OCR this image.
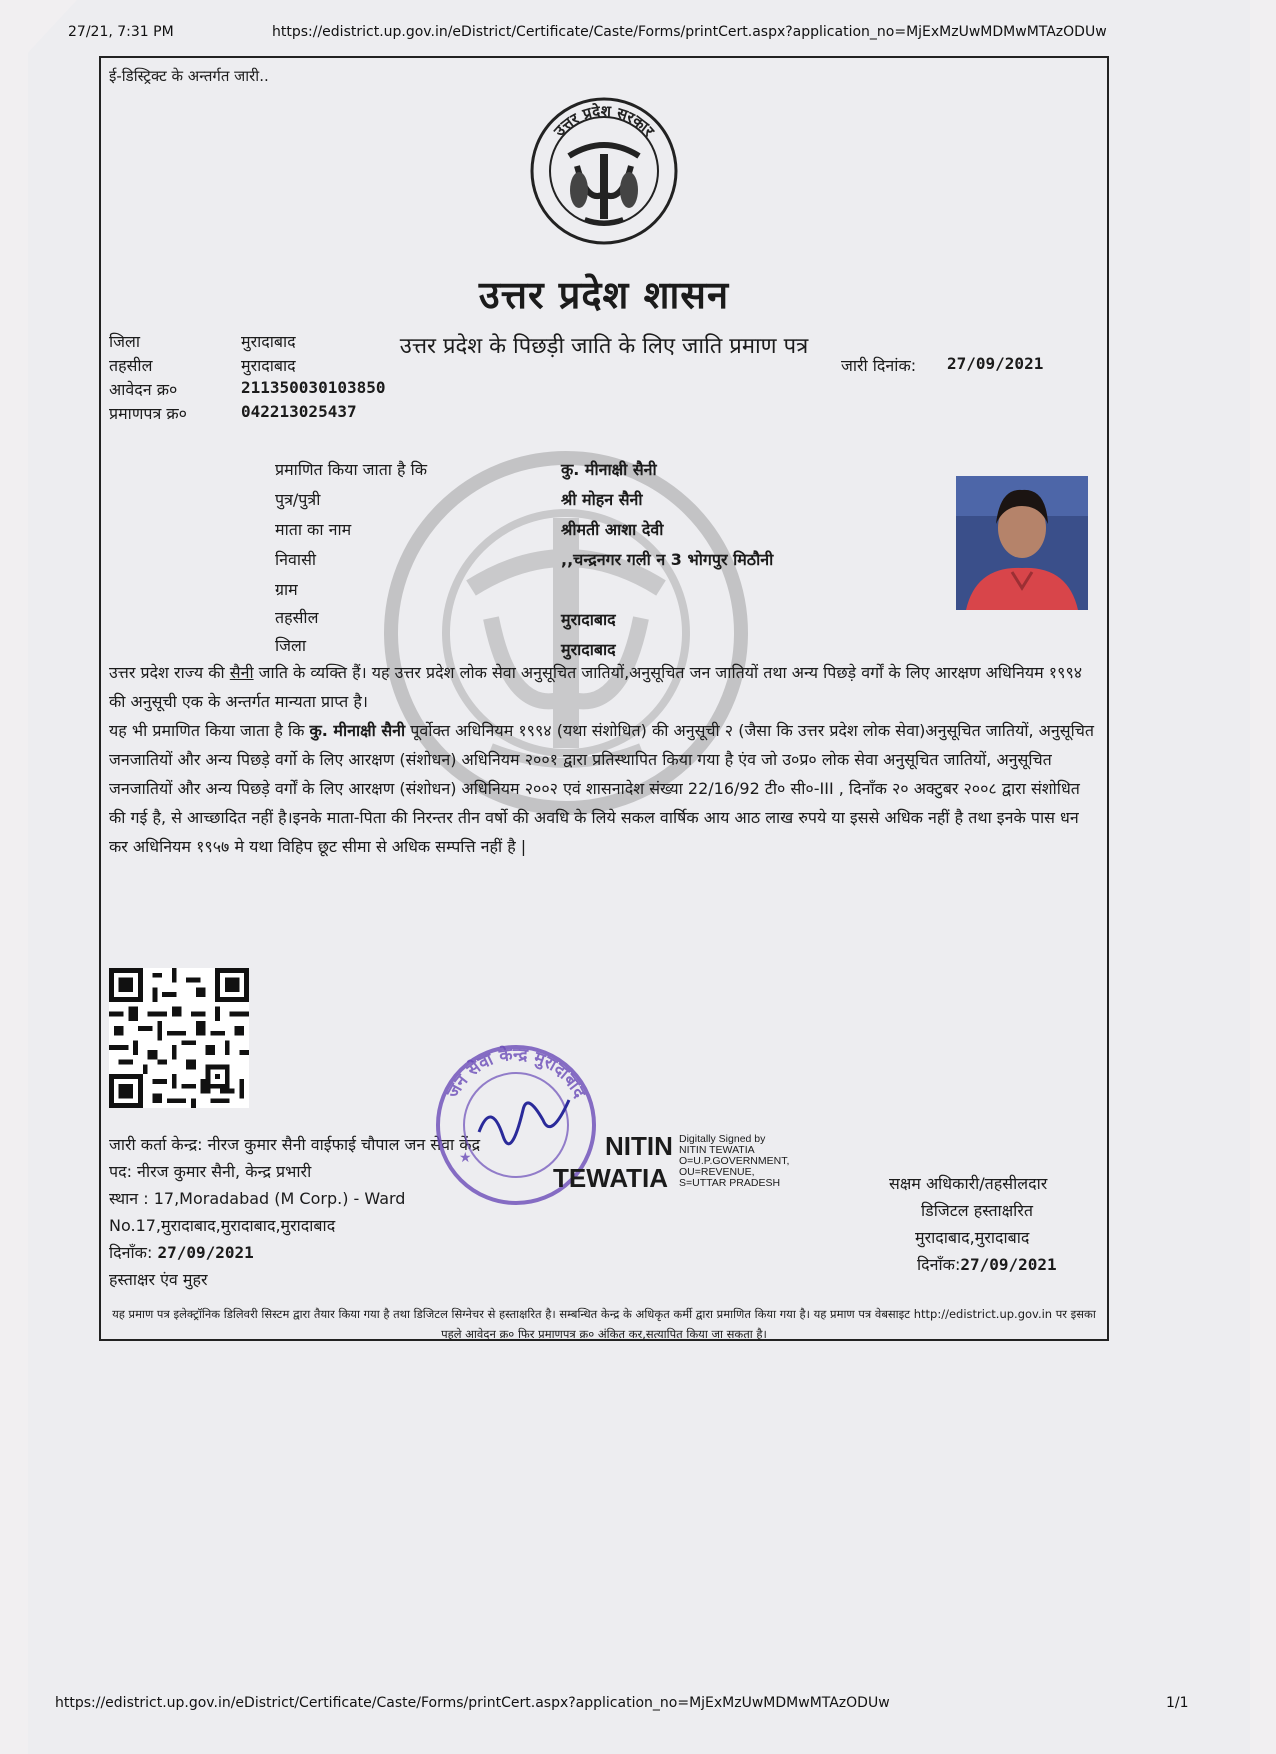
27/21, 7:31 PM	https://edistrict.up.gov.in/eDistrict/Certificate/Caste/Forms/printCert.aspx?application_no=MjExMzUwMDMwMTAzODUw
ई-डिस्ट्रिक्ट के अन्तर्गत जारी..
उत्तर प्रदेश सरकार
उत्तर प्रदेश शासन
उत्तर प्रदेश के पिछड़ी जाति के लिए जाति प्रमाण पत्र
जिला	मुरादाबाद
तहसील	मुरादाबाद
आवेदन क्र०	211350030103850
प्रमाणपत्र क्र०	042213025437
जारी दिनांक: 27/09/2021
प्रमाणित किया जाता है कि	कु. मीनाक्षी सैनी
पुत्र/पुत्री	श्री मोहन सैनी
माता का नाम	श्रीमती आशा देवी
निवासी	,,चन्द्रनगर गली न 3 भोगपुर मिठौनी
ग्राम
तहसील	मुरादाबाद
जिला	मुरादाबाद
उत्तर प्रदेश राज्य की सैनी जाति के व्यक्ति हैं। यह उत्तर प्रदेश लोक सेवा अनुसूचित जातियों,अनुसूचित जन जातियों तथा अन्य पिछड़े वर्गों के लिए आरक्षण अधिनियम १९९४ की अनुसूची एक के अन्तर्गत मान्यता प्राप्त है।
यह भी प्रमाणित किया जाता है कि कु. मीनाक्षी सैनी पूर्वोक्त अधिनियम १९९४ (यथा संशोधित) की अनुसूची २ (जैसा कि उत्तर प्रदेश लोक सेवा)अनुसूचित जातियों, अनुसूचित जनजातियों और अन्य पिछड़े वर्गो के लिए आरक्षण (संशोधन) अधिनियम २००१ द्वारा प्रतिस्थापित किया गया है एंव जो उ०प्र० लोक सेवा अनुसूचित जातियों, अनुसूचित जनजातियों और अन्य पिछड़े वर्गों के लिए आरक्षण (संशोधन) अधिनियम २००२ एवं शासनादेश संख्या 22/16/92 टी० सी०-III , दिनाँक २० अक्टुबर २००८ द्वारा संशोधित की गई है, से आच्छादित नहीं है।इनके माता-पिता की निरन्तर तीन वर्षो की अवधि के लिये सकल वार्षिक आय आठ लाख रुपये या इससे अधिक नहीं है तथा इनके पास धन कर अधिनियम १९५७ मे यथा विहिप छूट सीमा से अधिक सम्पत्ति नहीं है |
जारी कर्ता केन्द्र: नीरज कुमार सैनी वाईफाई चौपाल जन सेवा केंद्र
पद: नीरज कुमार सैनी, केन्द्र प्रभारी
स्थान : 17,Moradabad (M Corp.) - Ward
No.17,मुरादाबाद,मुरादाबाद,मुरादाबाद
दिनाँक: 27/09/2021
हस्ताक्षर एंव मुहर
जन सेवा केन्द्र मुरादाबाद
★	NITIN
TEWATIA
Digitally Signed by
NITIN TEWATIA
O=U.P.GOVERNMENT,
OU=REVENUE,
S=UTTAR PRADESH	सक्षम अधिकारी/तहसीलदार
डिजिटल हस्ताक्षरित
मुरादाबाद,मुरादाबाद
दिनाँक:27/09/2021
यह प्रमाण पत्र इलेक्ट्रॉनिक डिलिवरी सिस्टम द्वारा तैयार किया गया है तथा डिजिटल सिग्नेचर से हस्ताक्षरित है। सम्बन्धित केन्द्र के अधिकृत कर्मी द्वारा प्रमाणित किया गया है। यह प्रमाण पत्र वेबसाइट http://edistrict.up.gov.in पर इसका पहले आवेदन क्र० फिर प्रमाणपत्र क्र० अंकित कर,सत्यापित किया जा सकता है।
https://edistrict.up.gov.in/eDistrict/Certificate/Caste/Forms/printCert.aspx?application_no=MjExMzUwMDMwMTAzODUw	1/1
